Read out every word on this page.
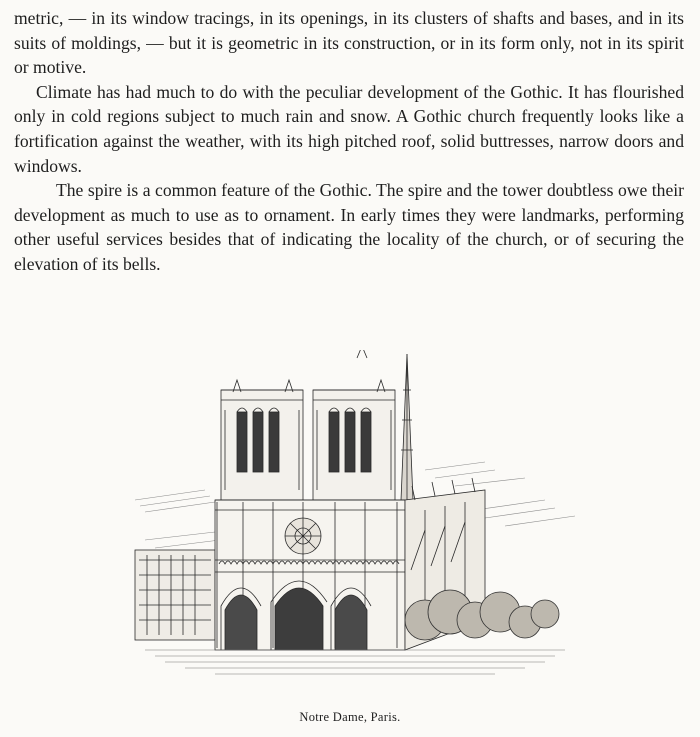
metric, — in its window tracings, in its openings, in its clusters of shafts and bases, and in its suits of moldings, — but it is geometric in its construction, or in its form only, not in its spirit or motive.

Climate has had much to do with the peculiar development of the Gothic. It has flourished only in cold regions subject to much rain and snow. A Gothic church frequently looks like a fortification against the weather, with its high pitched roof, solid buttresses, narrow doors and windows.

The spire is a common feature of the Gothic. The spire and the tower doubtless owe their development as much to use as to ornament. In early times they were landmarks, performing other useful services besides that of indicating the locality of the church, or of securing the elevation of its bells.

Notre Dame, Paris.
